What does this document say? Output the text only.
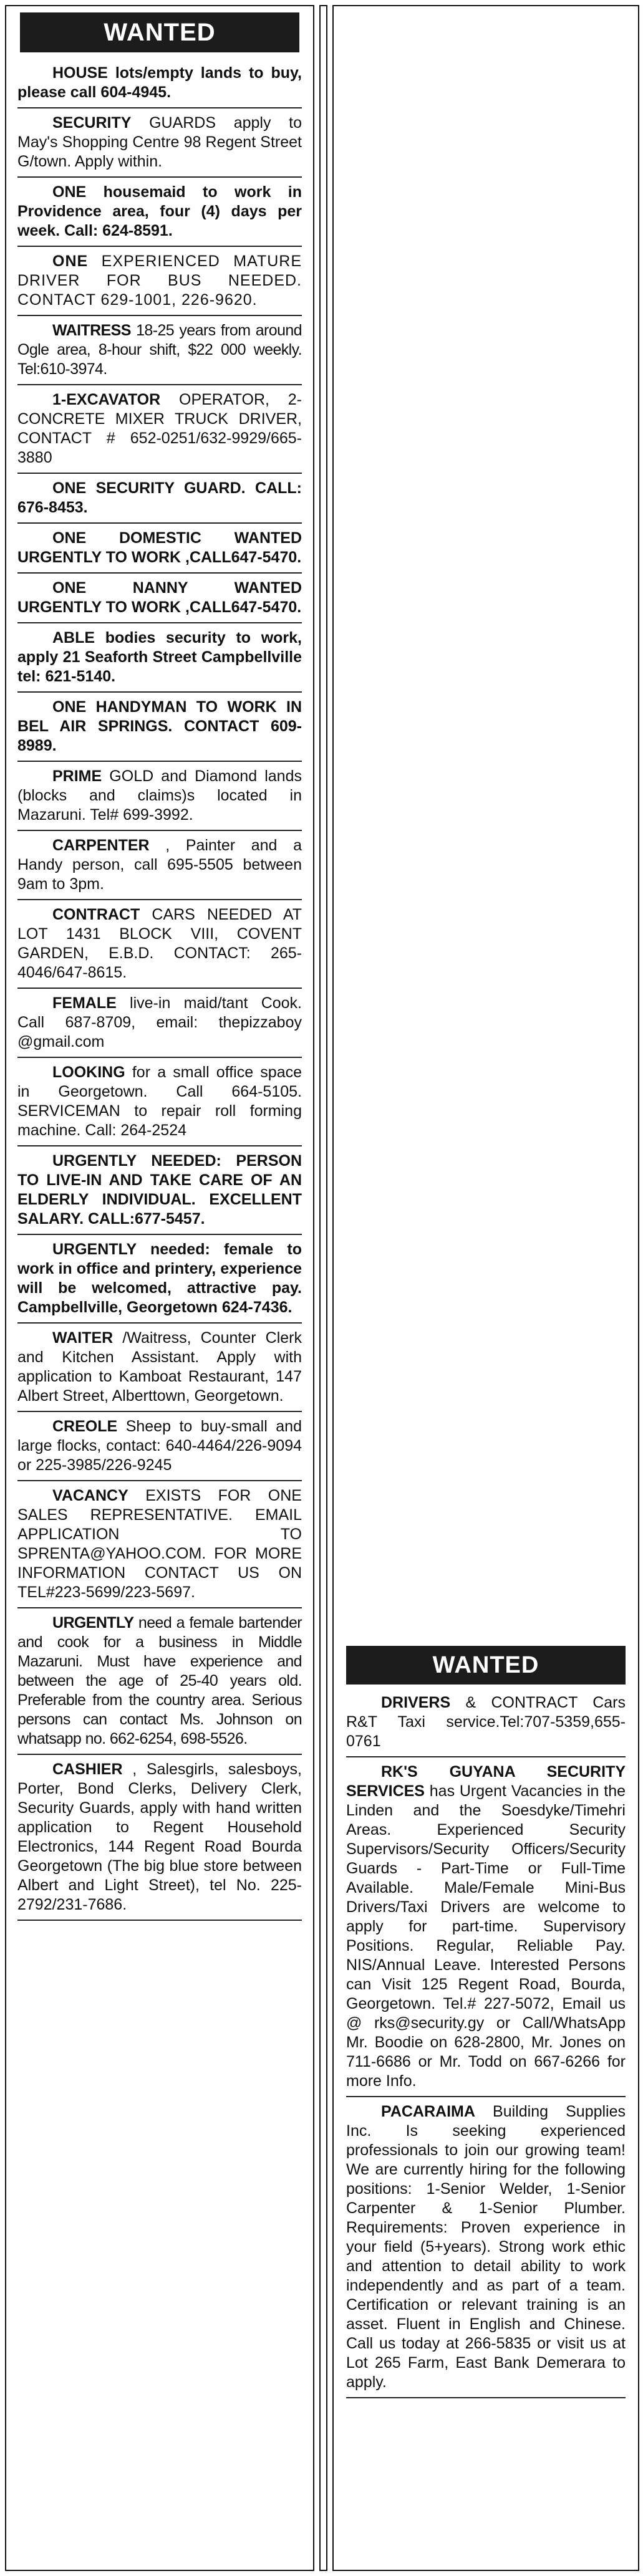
WANTED
HOUSE lots/empty lands to buy, please call 604-4945.
SECURITY GUARDS apply to May's Shopping Centre 98 Regent Street G/town. Apply within.
ONE housemaid to work in Providence area, four (4) days per week. Call: 624-8591.
ONE EXPERIENCED MATURE DRIVER FOR BUS NEEDED. CONTACT 629-1001, 226-9620.
WAITRESS 18-25 years from around Ogle area, 8-hour shift, $22 000 weekly. Tel:610-3974.
1-EXCAVATOR OPERATOR, 2- CONCRETE MIXER TRUCK DRIVER, CONTACT # 652-0251/632-9929/665-3880
ONE SECURITY GUARD. CALL: 676-8453.
ONE DOMESTIC WANTED URGENTLY TO WORK ,CALL647-5470.
ONE	NANNY WANTED URGENTLY TO WORK ,CALL647-5470.
ABLE bodies security to work, apply 21 Seaforth Street Campbellville tel: 621-5140.
ONE HANDYMAN TO WORK IN BEL AIR SPRINGS. CONTACT 609-8989.
PRIME GOLD and Diamond lands (blocks and claims)s located in Mazaruni. Tel# 699-3992.
CARPENTER , Painter and a Handy person, call 695-5505 between 9am to 3pm.
CONTRACT CARS NEEDED AT LOT 1431 BLOCK VIII, COVENT GARDEN, E.B.D. CONTACT: 265-4046/647-8615.
FEMALE live-in maid/tant Cook. Call 687-8709, email: thepizzaboy @gmail.com
LOOKING for a small office space in Georgetown. Call 664-5105. SERVICEMAN to repair roll forming machine. Call: 264-2524
URGENTLY NEEDED: PERSON TO LIVE-IN AND TAKE CARE OF AN ELDERLY INDIVIDUAL. EXCELLENT SALARY. CALL:677-5457.
URGENTLY needed: female to work in office and printery, experience will be welcomed, attractive pay. Campbellville, Georgetown 624-7436.
WAITER /Waitress, Counter Clerk and Kitchen Assistant. Apply with application to Kamboat Restaurant, 147 Albert Street, Alberttown, Georgetown.
CREOLE Sheep to buy-small and large flocks, contact: 640-4464/226-9094 or 225-3985/226-9245
VACANCY EXISTS FOR ONE SALES REPRESENTATIVE. EMAIL APPLICATION TO SPRENTA@YAHOO.COM. FOR MORE INFORMATION CONTACT US ON TEL#223-5699/223-5697.
URGENTLY need a female bartender and cook for a business in Middle Mazaruni. Must have experience and between the age of 25-40 years old. Preferable from the country area. Serious persons can contact Ms. Johnson on whatsapp no. 662-6254, 698-5526.
CASHIER , Salesgirls, salesboys, Porter, Bond Clerks, Delivery Clerk, Security Guards, apply with hand written application to Regent Household Electronics, 144 Regent Road Bourda Georgetown (The big blue store between Albert and Light Street), tel No. 225-2792/231-7686.
WANTED
DRIVERS & CONTRACT Cars R&T Taxi service.Tel:707-5359,655-0761
RK'S GUYANA SECURITY SERVICES has Urgent Vacancies in the Linden and the Soesdyke/Timehri Areas. Experienced Security Supervisors/Security Officers/Security Guards - Part-Time or Full-Time Available. Male/Female Mini-Bus Drivers/Taxi Drivers are welcome to apply for part-time. Supervisory Positions. Regular, Reliable Pay. NIS/Annual Leave. Interested Persons can Visit 125 Regent Road, Bourda, Georgetown. Tel.# 227-5072, Email us @ rks@security.gy or Call/WhatsApp Mr. Boodie on 628-2800, Mr. Jones on 711-6686 or Mr. Todd on 667-6266 for more Info.
PACARAIMA Building Supplies Inc. Is seeking experienced professionals to join our growing team! We are currently hiring for the following positions: 1-Senior Welder, 1-Senior Carpenter & 1-Senior Plumber. Requirements: Proven experience in your field (5+years). Strong work ethic and attention to detail ability to work independently and as part of a team. Certification or relevant training is an asset. Fluent in English and Chinese. Call us today at 266-5835 or visit us at Lot 265 Farm, East Bank Demerara to apply.
